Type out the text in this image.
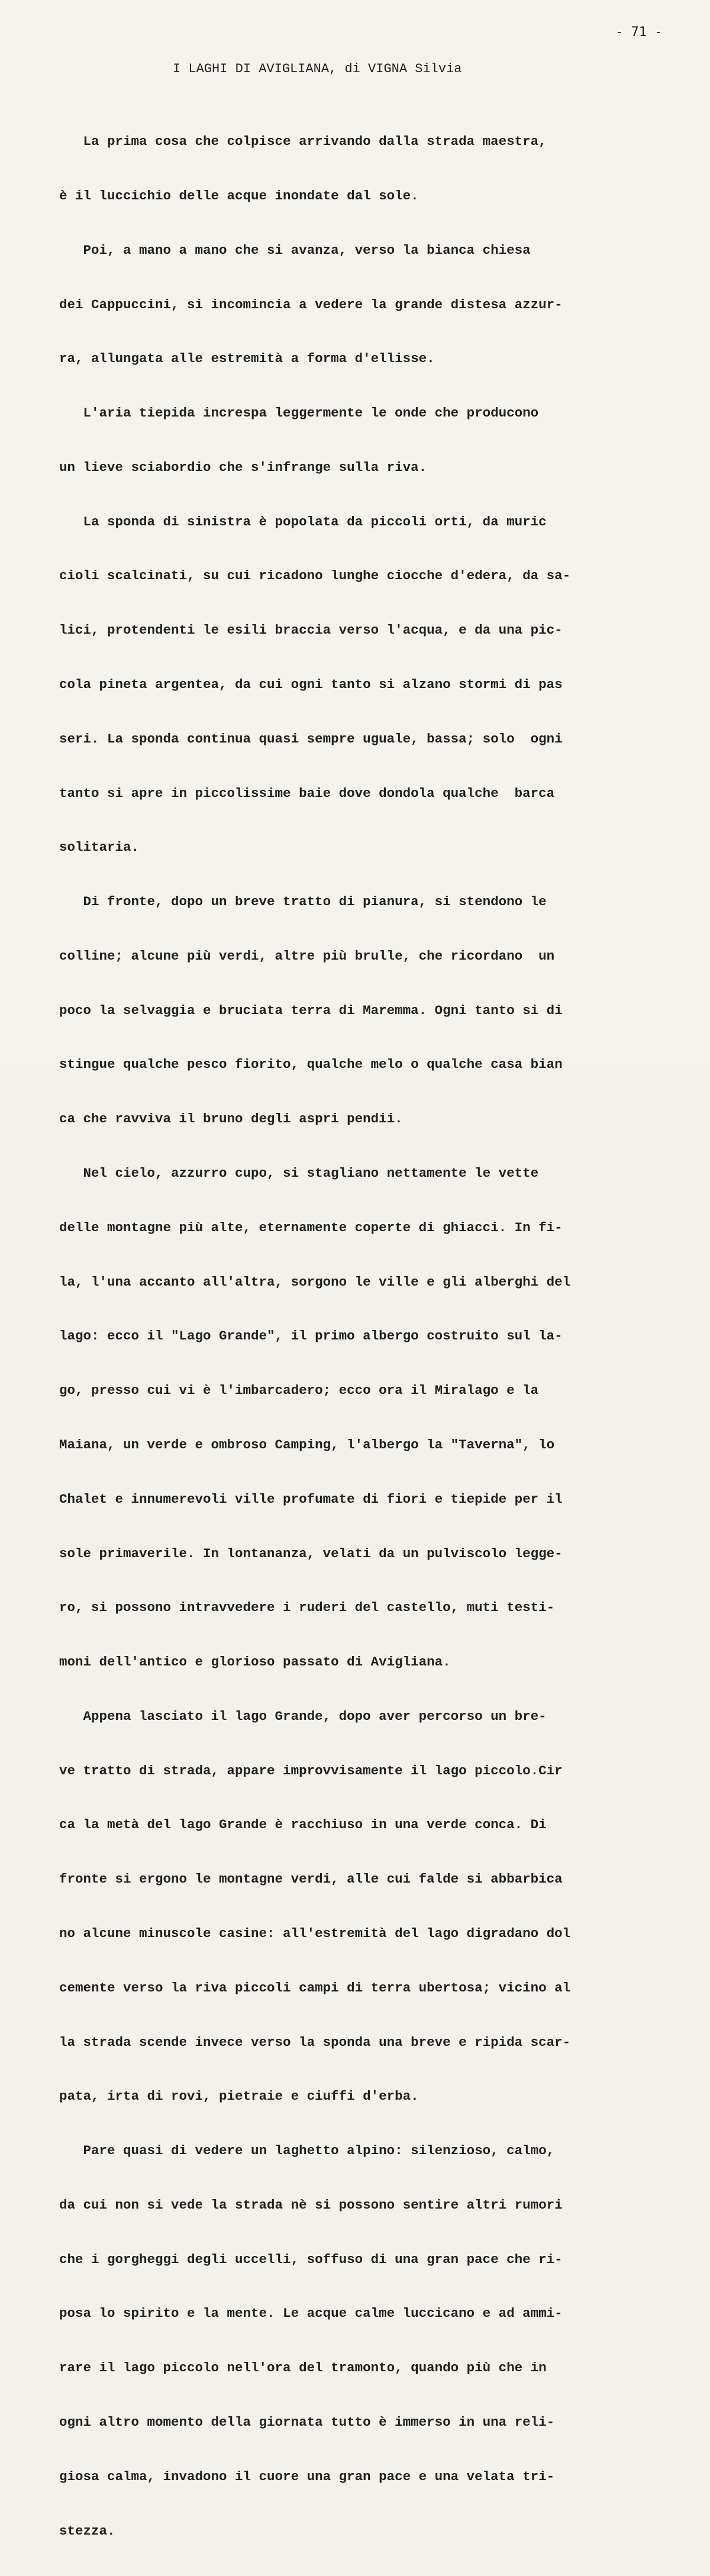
- 71 -
I LAGHI DI AVIGLIANA, di VIGNA Silvia

La prima cosa che colpisce arrivando dalla strada maestra,

è il luccichio delle acque inondate dal sole.

Poi, a mano a mano che si avanza, verso la bianca chiesa

dei Cappuccini, si incomincia a vedere la grande distesa azzur-

ra, allungata alle estremità a forma d'ellisse.

L'aria tiepida increspa leggermente le onde che producono

un lieve sciabordio che s'infrange sulla riva.

La sponda di sinistra è popolata da piccoli orti, da muric

cioli scalcinati, su cui ricadono lunghe ciocche d'edera, da sa-

lici, protendenti le esili braccia verso l'acqua, e da una pic-

cola pineta argentea, da cui ogni tanto si alzano stormi di pas

seri. La sponda continua quasi sempre uguale, bassa; solo  ogni

tanto si apre in piccolissime baie dove dondola qualche  barca

solitaria.

Di fronte, dopo un breve tratto di pianura, si stendono le

colline; alcune più verdi, altre più brulle, che ricordano  un

poco la selvaggia e bruciata terra di Maremma. Ogni tanto si di

stingue qualche pesco fiorito, qualche melo o qualche casa bian

ca che ravviva il bruno degli aspri pendii.

Nel cielo, azzurro cupo, si stagliano nettamente le vette

delle montagne più alte, eternamente coperte di ghiacci. In fi-

la, l'una accanto all'altra, sorgono le ville e gli alberghi del

lago: ecco il "Lago Grande", il primo albergo costruito sul la-

go, presso cui vi è l'imbarcadero; ecco ora il Miralago e la

Maiana, un verde e ombroso Camping, l'albergo la "Taverna", lo

Chalet e innumerevoli ville profumate di fiori e tiepide per il

sole primaverile. In lontananza, velati da un pulviscolo legge-

ro, si possono intravvedere i ruderi del castello, muti testi-

moni dell'antico e glorioso passato di Avigliana.

Appena lasciato il lago Grande, dopo aver percorso un bre-

ve tratto di strada, appare improvvisamente il lago piccolo.Cir

ca la metà del lago Grande è racchiuso in una verde conca. Di

fronte si ergono le montagne verdi, alle cui falde si abbarbica

no alcune minuscole casine: all'estremità del lago digradano dol

cemente verso la riva piccoli campi di terra ubertosa; vicino al

la strada scende invece verso la sponda una breve e ripida scar-

pata, irta di rovi, pietraie e ciuffi d'erba.

Pare quasi di vedere un laghetto alpino: silenzioso, calmo,

da cui non si vede la strada nè si possono sentire altri rumori

che i gorgheggi degli uccelli, soffuso di una gran pace che ri-

posa lo spirito e la mente. Le acque calme luccicano e ad ammi-

rare il lago piccolo nell'ora del tramonto, quando più che in

ogni altro momento della giornata tutto è immerso in una reli-

giosa calma, invadono il cuore una gran pace e una velata tri-

stezza.
